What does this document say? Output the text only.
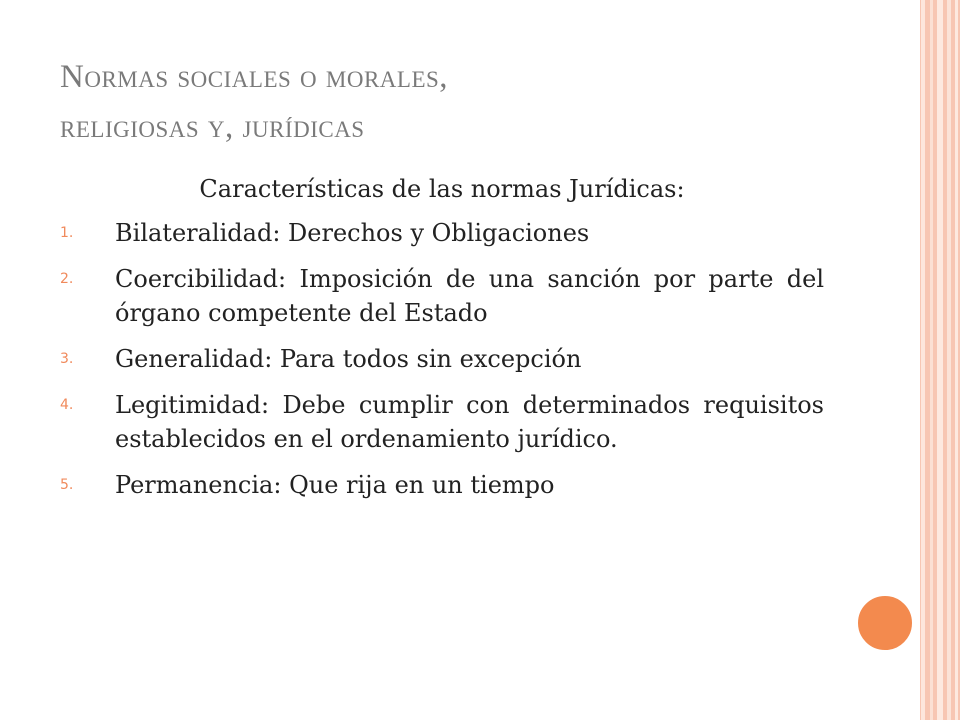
Normas sociales o morales,
religiosas y, jurídicas
Características de las normas Jurídicas:
1. Bilateralidad: Derechos y Obligaciones
2. Coercibilidad: Imposición de una sanción por parte del órgano competente del Estado
3. Generalidad: Para todos sin excepción
4. Legitimidad: Debe cumplir con determinados requisitos establecidos en el ordenamiento jurídico.
5. Permanencia: Que rija en un tiempo
